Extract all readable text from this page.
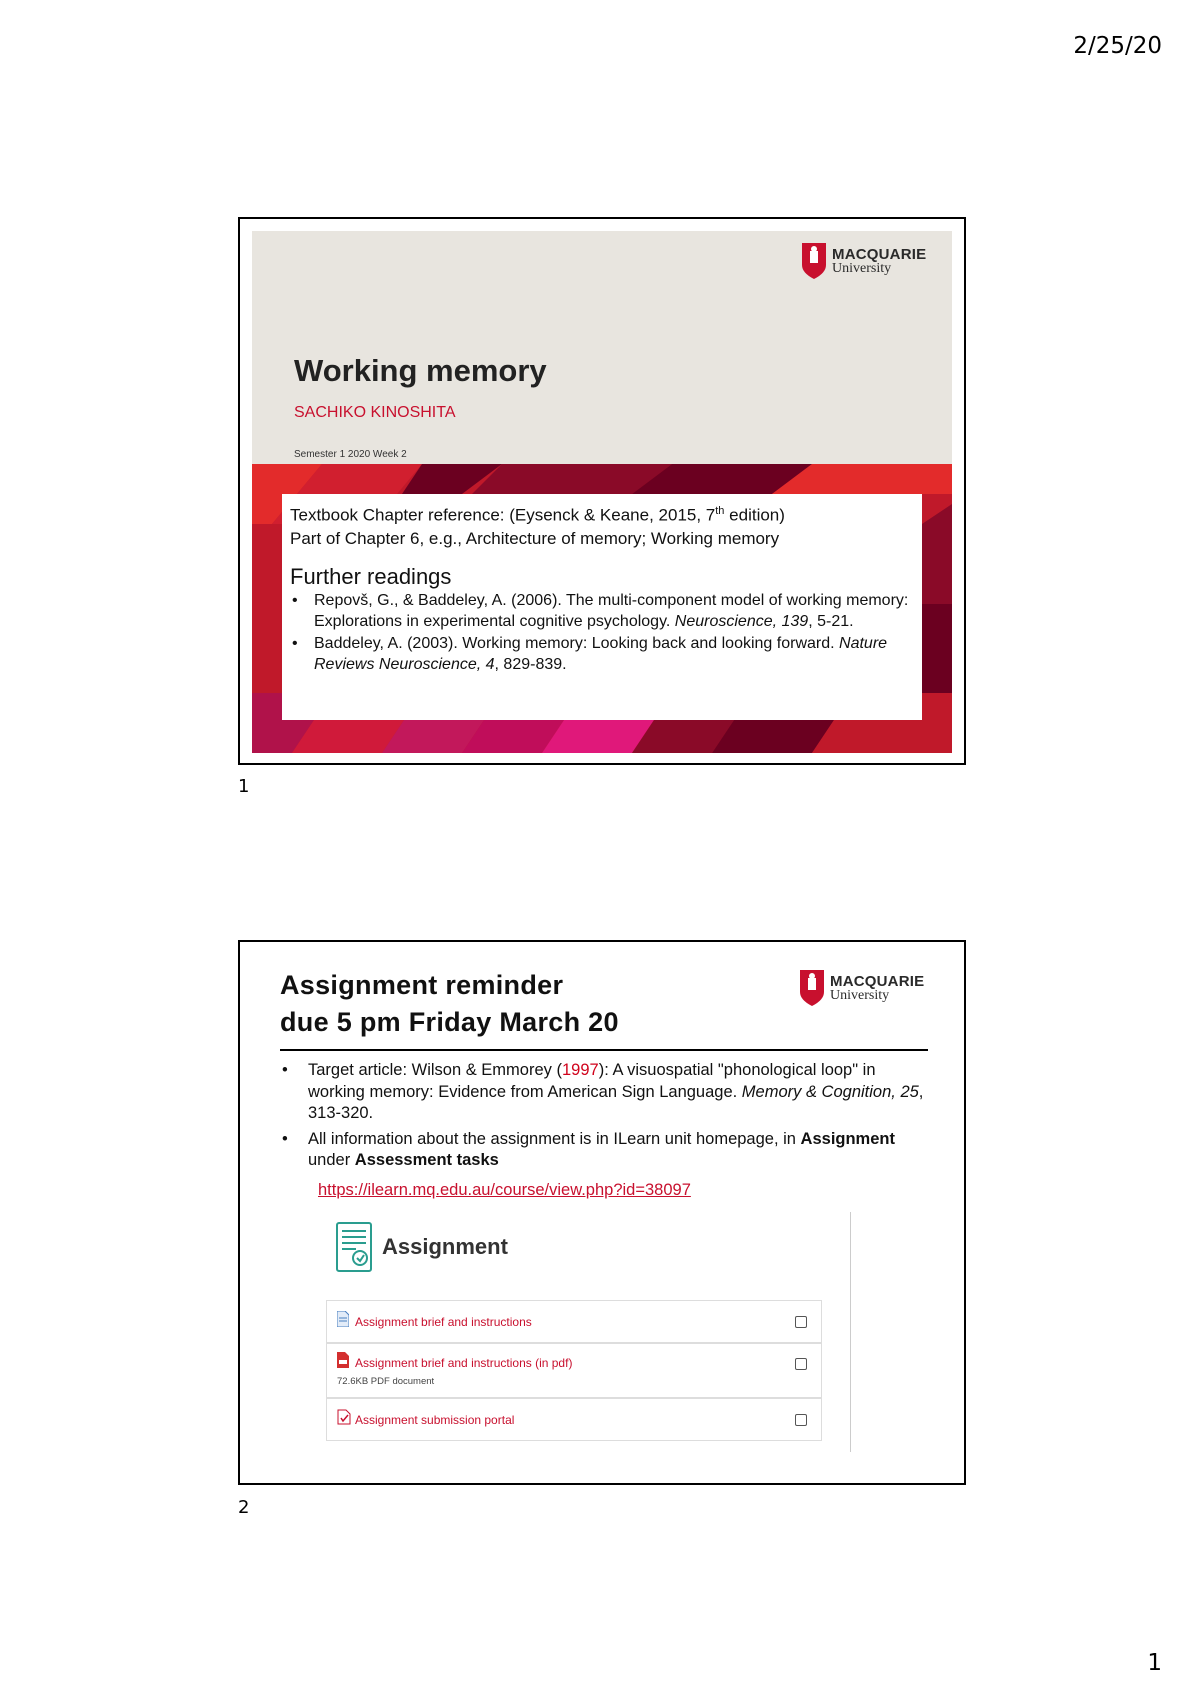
2/25/20
MACQUARIE
University
Working memory
SACHIKO KINOSHITA
Semester 1 2020 Week 2
Textbook Chapter reference: (Eysenck & Keane, 2015, 7th edition)
Part of Chapter 6, e.g., Architecture of memory; Working memory
Further readings
• Repovš, G., & Baddeley, A. (2006). The multi-component model of working memory: Explorations in experimental cognitive psychology. Neuroscience, 139, 5-21.
• Baddeley, A. (2003). Working memory: Looking back and looking forward. Nature Reviews Neuroscience, 4, 829-839.
1
Assignment reminder
due 5 pm Friday March 20
MACQUARIE
University
• Target article: Wilson & Emmorey (1997): A visuospatial "phonological loop" in working memory: Evidence from American Sign Language. Memory & Cognition, 25, 313-320.
• All information about the assignment is in ILearn unit homepage, in Assignment under Assessment tasks
https://ilearn.mq.edu.au/course/view.php?id=38097
Assignment
Assignment brief and instructions
Assignment brief and instructions (in pdf)
72.6KB PDF document
Assignment submission portal
2
1
